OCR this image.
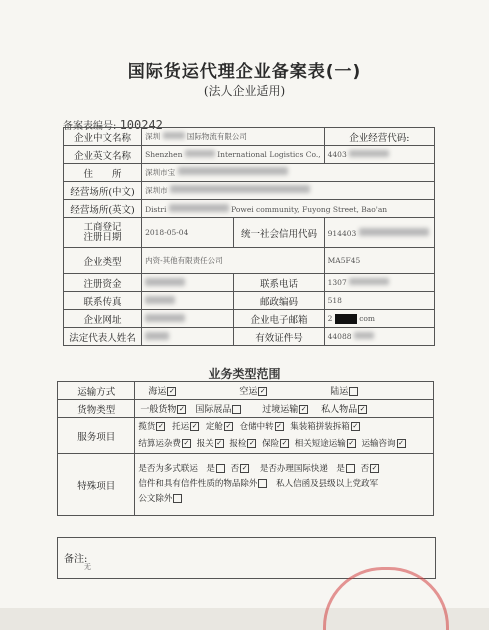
国际货运代理企业备案表(一)
(法人企业适用)
备案表编号: 100242
企业中文名称	深圳 国际物流有限公司		企业经营代码:
企业英文名称	Shenzhen International Logistics Co.,		4403
住　　所	深圳市宝		
经营场所(中文)	深圳市		
经营场所(英文)	Distri Powei community, Fuyong Street, Bao'an		
工商登记
注册日期	2018-05-04	统一社会信用代码	914403
企业类型	内资-其他有限责任公司		MA5F45
注册资金		联系电话	1307
联系传真		邮政编码	518
企业网址		企业电子邮箱	2 com
法定代表人姓名		有效证件号	44088
业务类型范围
运输方式	海运 ✓ 空运 ✓ 陆运
货物类型	一般货物 ✓ 国际展品 过境运输 ✓ 私人物品✓
服务项目	揽货 ✓ 托运 ✓ 定舱 ✓ 仓储中转 ✓ 集装箱拼装拆箱✓
结算运杂费 ✓ 报关 ✓ 报检 ✓ 保险 ✓ 相关短途运输 ✓ 运输咨询✓

特殊项目	是否为多式联运　是 否 ✓ 是否办理国际快递　是 否✓
信件和具有信件性质的物品除外 私人信函及县级以上党政军
公文除外
备注:
无
